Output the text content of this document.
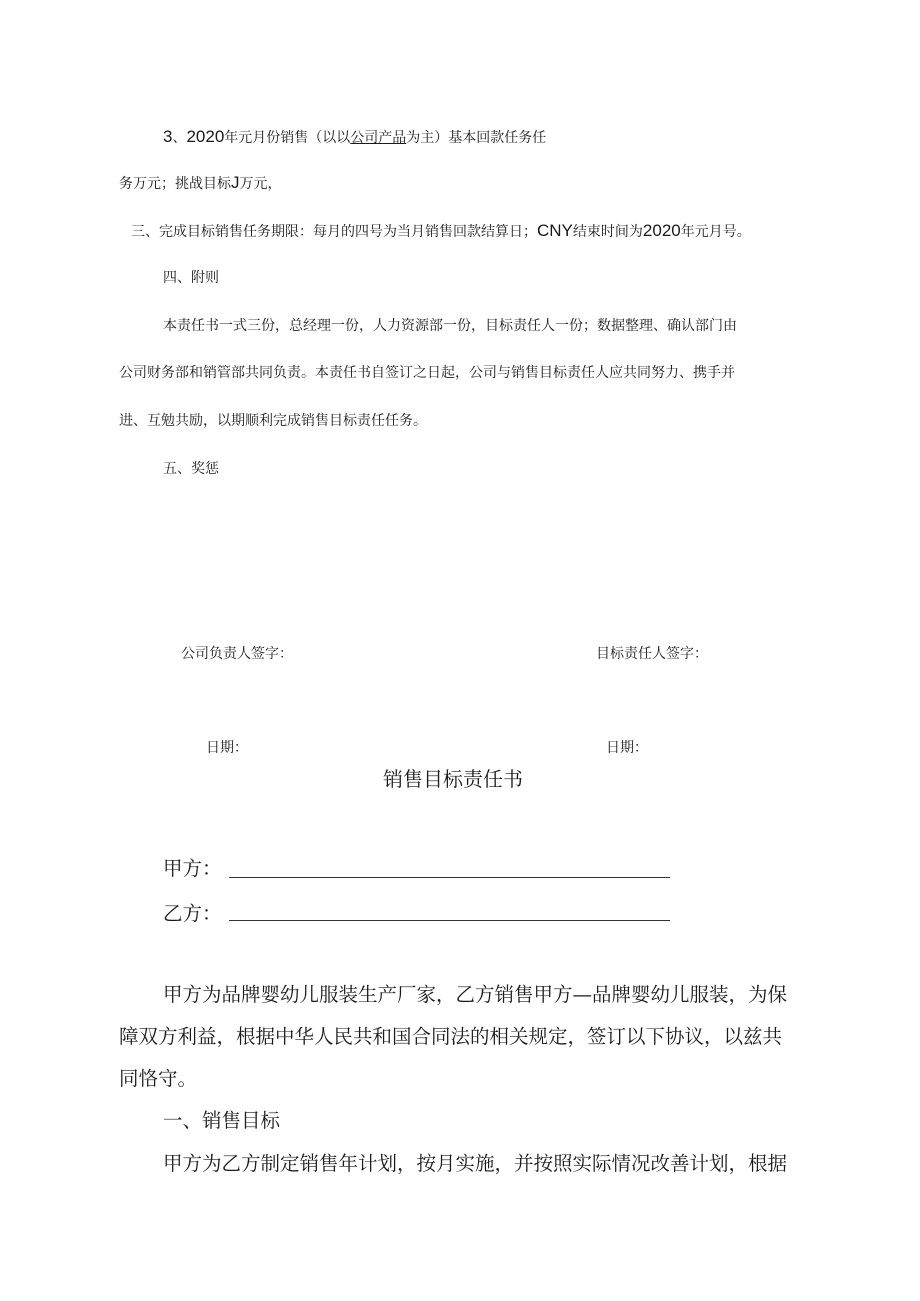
3、2020年元月份销售（以以公司产品为主）基本回款任务任
务万元；挑战目标J万元，
三、完成目标销售任务期限：每月的四号为当月销售回款结算日；CNY结束时间为2020年元月号。
四、附则
本责任书一式三份，总经理一份，人力资源部一份，目标责任人一份；数据整理、确认部门由
公司财务部和销管部共同负责。本责任书自签订之日起，公司与销售目标责任人应共同努力、携手并
进、互勉共励，以期顺利完成销售目标责任任务。
五、奖惩
公司负责人签字：	目标责任人签字：
日期：	日期：
销售目标责任书
甲方：
乙方：
甲方为品牌婴幼儿服装生产厂家，乙方销售甲方—品牌婴幼儿服装，为保
障双方利益，根据中华人民共和国合同法的相关规定，签订以下协议，以兹共
同恪守。
一、销售目标
甲方为乙方制定销售年计划，按月实施，并按照实际情况改善计划，根据
